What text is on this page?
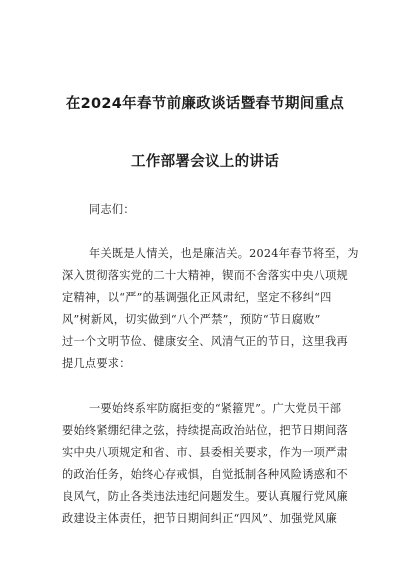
在2024年春节前廉政谈话暨春节期间重点
工作部署会议上的讲话
同志们：
年关既是人情关，也是廉洁关。2024年春节将至，为
深入贯彻落实党的二十大精神，锲而不舍落实中央八项规
定精神，以“严”的基调强化正风肃纪，坚定不移纠“四
风”树新风，切实做到“八个严禁”，预防“节日腐败”
过一个文明节俭、健康安全、风清气正的节日，这里我再
提几点要求：
一要始终系牢防腐拒变的“紧箍咒”。广大党员干部
要始终紧绷纪律之弦，持续提高政治站位，把节日期间落
实中央八项规定和省、市、县委相关要求，作为一项严肃
的政治任务，始终心存戒惧，自觉抵制各种风险诱惑和不
良风气，防止各类违法违纪问题发生。要认真履行党风廉
政建设主体责任，把节日期间纠正“四风”、加强党风廉
